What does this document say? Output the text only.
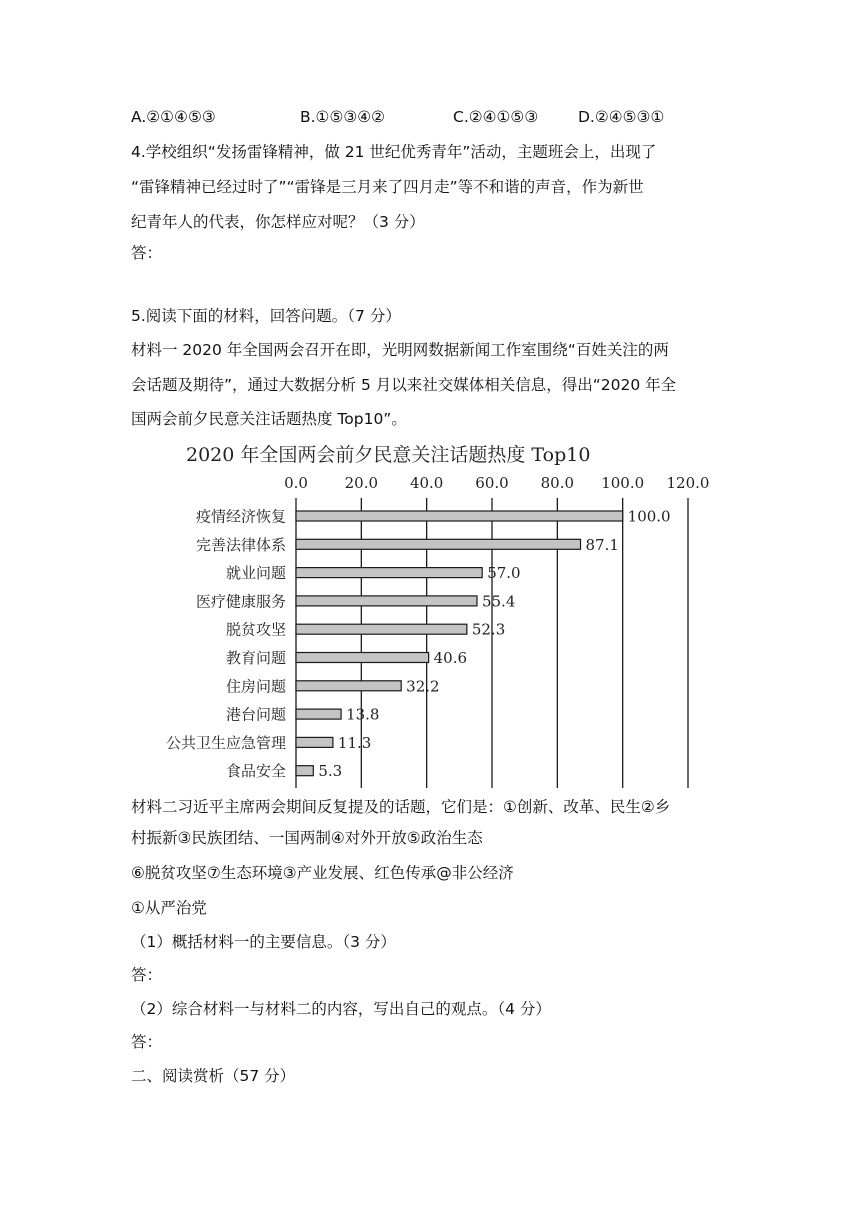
A.②①④⑤③	B.①⑤③④②	C.②④①⑤③	D.②④⑤③①
4.学校组织“发扬雷锋精神，做 21 世纪优秀青年”活动，主题班会上，出现了
“雷锋精神已经过时了”“雷锋是三月来了四月走”等不和谐的声音，作为新世
纪青年人的代表，你怎样应对呢？（3 分）
答：
5.阅读下面的材料，回答问题。（7 分）
材料一 2020 年全国两会召开在即，光明网数据新闻工作室围绕“百姓关注的两
会话题及期待”，通过大数据分析 5 月以来社交媒体相关信息，得出“2020 年全
国两会前夕民意关注话题热度 Top10”。
2020 年全国两会前夕民意关注话题热度 Top10
0.0 20.0 40.0 60.0 80.0 100.0 120.0
疫情经济恢复	100.0
完善法律体系	87.1
就业问题	57.0
医疗健康服务	55.4
脱贫攻坚	52.3
教育问题	40.6
住房问题	32.2
港台问题	13.8
公共卫生应急管理	11.3
食品安全 5.3
材料二习近平主席两会期间反复提及的话题，它们是：①创新、改革、民生②乡
村振新③民族团结、一国两制④对外开放⑤政治生态
⑥脱贫攻坚⑦生态环境③产业发展、红色传承@非公经济
①从严治党
（1）概括材料一的主要信息。（3 分）
答：
（2）综合材料一与材料二的内容，写出自己的观点。（4 分）
答：
二、阅读赏析（57 分）
